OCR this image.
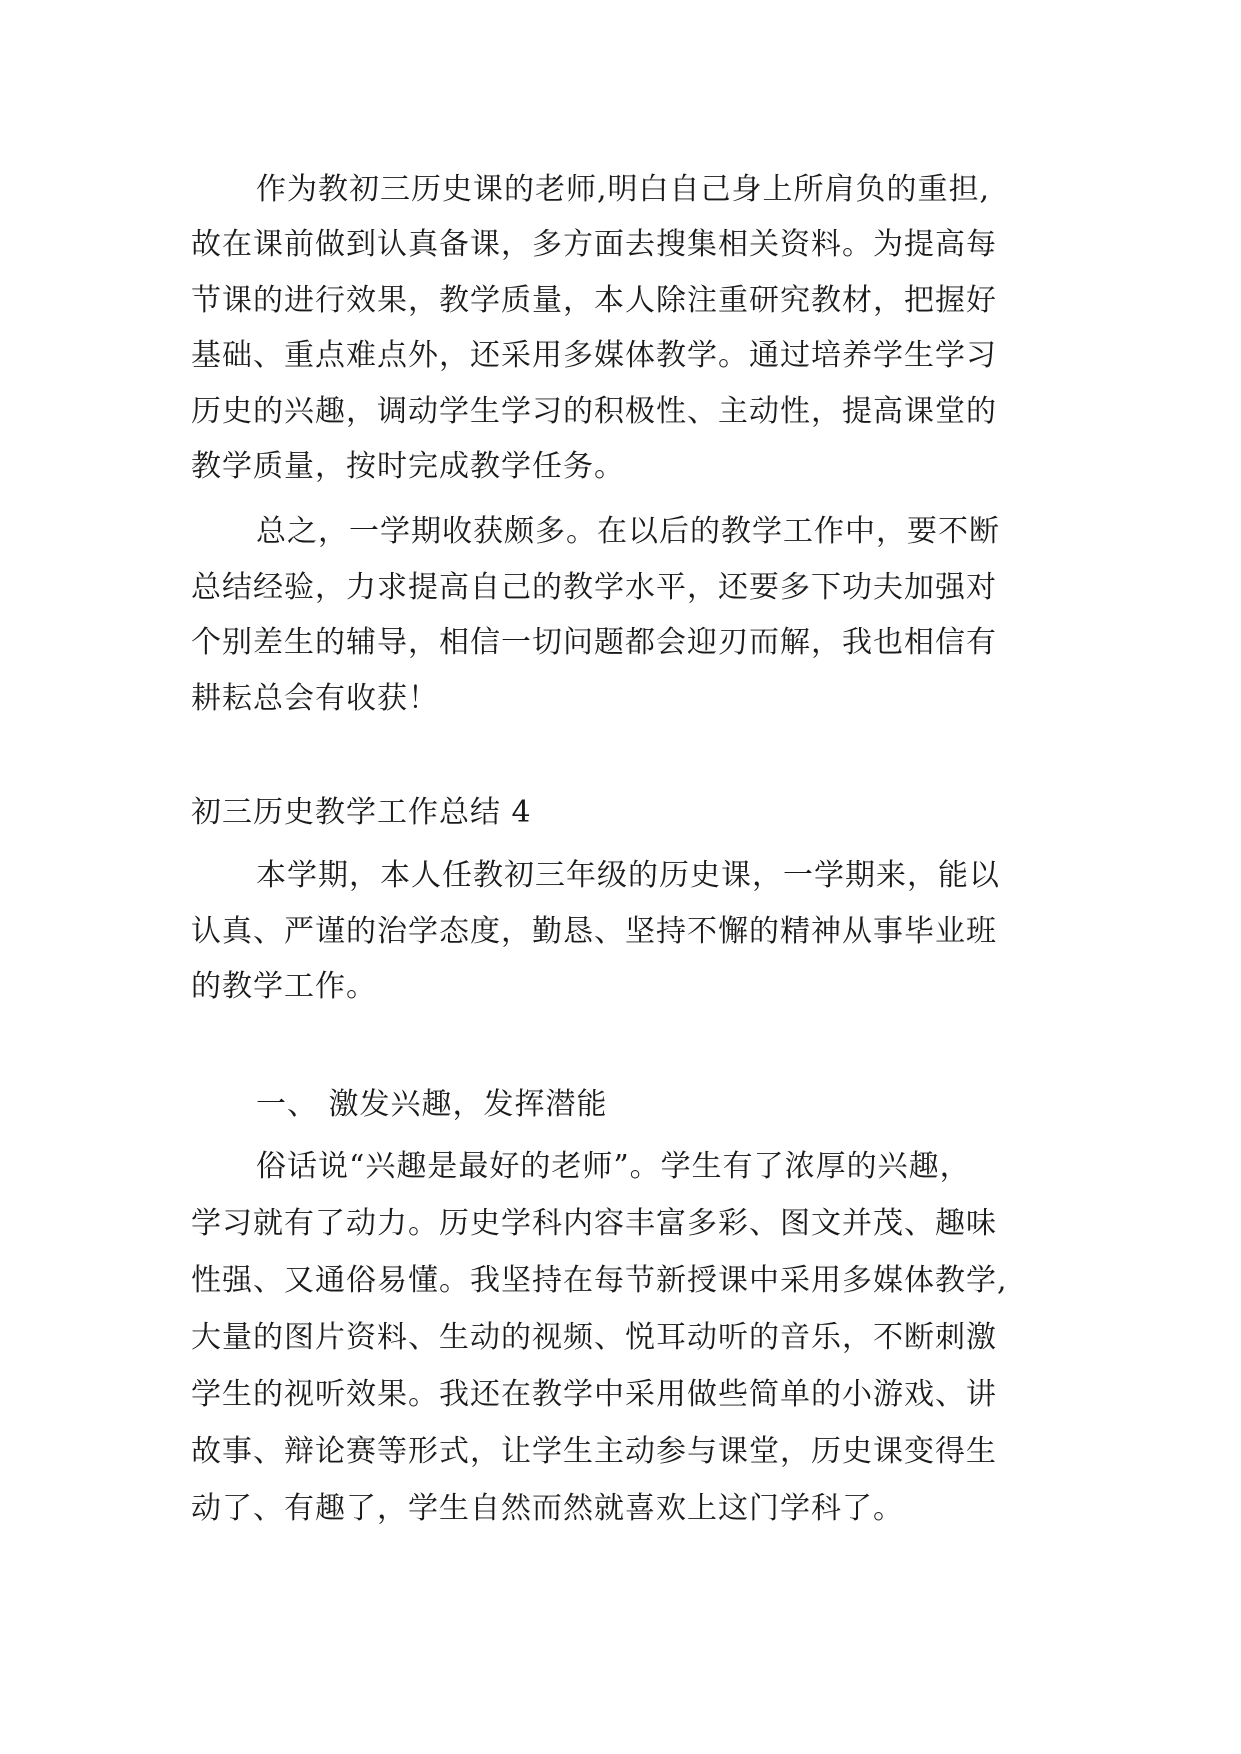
作为教初三历史课的老师,明白自己身上所肩负的重担,
故在课前做到认真备课，多方面去搜集相关资料。为提高每
节课的进行效果，教学质量，本人除注重研究教材，把握好
基础、重点难点外，还采用多媒体教学。通过培养学生学习
历史的兴趣，调动学生学习的积极性、主动性，提高课堂的
教学质量，按时完成教学任务。
总之，一学期收获颇多。在以后的教学工作中，要不断
总结经验，力求提高自己的教学水平，还要多下功夫加强对
个别差生的辅导，相信一切问题都会迎刃而解，我也相信有
耕耘总会有收获！
初三历史教学工作总结 4
本学期，本人任教初三年级的历史课，一学期来，能以
认真、严谨的治学态度，勤恳、坚持不懈的精神从事毕业班
的教学工作。
一、 激发兴趣，发挥潜能
俗话说“兴趣是最好的老师”。学生有了浓厚的兴趣，
学习就有了动力。历史学科内容丰富多彩、图文并茂、趣味
性强、又通俗易懂。我坚持在每节新授课中采用多媒体教学,
大量的图片资料、生动的视频、悦耳动听的音乐，不断刺激
学生的视听效果。我还在教学中采用做些简单的小游戏、讲
故事、辩论赛等形式，让学生主动参与课堂，历史课变得生
动了、有趣了，学生自然而然就喜欢上这门学科了。
